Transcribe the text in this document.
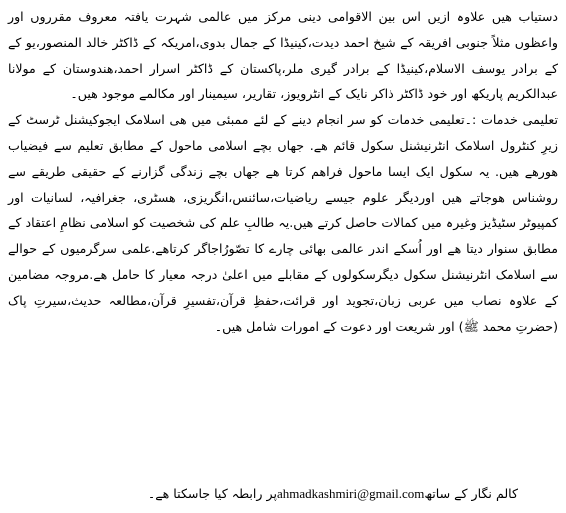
دستیاب ھیں علاوہ ازیں اس بین الاقوامی دینی مرکز میں عالمی شہرت یافتہ معروف مقرروں اور واعظوں مثلاً جنوبی افریقہ کے شیخ احمد دیدت،کینیڈا کے جمال بدوی،امریکہ کے ڈاکٹر خالد المنصور،یو کے کے برادر یوسف الاسلام،کینیڈا کے برادر گیری ملر،پاکستان کے ڈاکٹر اسرار احمد،ھندوستان کے مولانا عبدالکریم پاریکھ اور خود ڈاکٹر ذاکر نایک کے انٹرویوز، تقاریر، سیمینار اور مکالمے موجود ھیں۔

تعلیمی خدمات :۔تعلیمی خدمات کو سر انجام دینے کے لئے ممبئی میں ھی اسلامک ایجوکیشنل ٹرسٹ کے زیرِ کنٹرول اسلامک انٹرنیشنل سکول قائم ھے. جھاں بچے اسلامی ماحول کے مطابق تعلیم سے فیضیاب ھورھے ھیں. یہ سکول ایک ایسا ماحول فراھم کرتا ھے جھاں بچے زندگی گزارنے کے حقیقی طریقے سے روشناس ھوجاتے ھیں اوردیگر علوم جیسے ریاضیات،سائنس،انگریزی، ھسٹری، جغرافیہ، لسانیات اور کمپیوٹر سٹیڈیز وغیرہ میں کمالات حاصل کرتے ھیں.یہ طالبِ علم کی شخصیت کو اسلامی نظامِ اعتقاد کے مطابق سنوار دیتا ھے اور اُسکے اندر عالمی بھائی چارے کا تصّورُاجاگر کرتاھے.علمی سرگرمیوں کے حوالے سے اسلامک انٹرنیشنل سکول دیگرسکولوں کے مقابلے میں اعلیٰ درجہ معیار کا حامل ھے.مروجہ مضامین کے علاوہ نصاب میں عربی زبان،تجوید اور قرائت،حفظِ قرآن،تفسیرِ قرآن،مطالعہ حدیث،سیرتِ پاک (حضرتِ محمد ﷺ) اور شریعت اور دعوت کے امورات شامل ھیں۔

کالم نگار کے ساتھahmadkashmiri@gmail.comپر رابطہ کیا جاسکتا ھے۔
